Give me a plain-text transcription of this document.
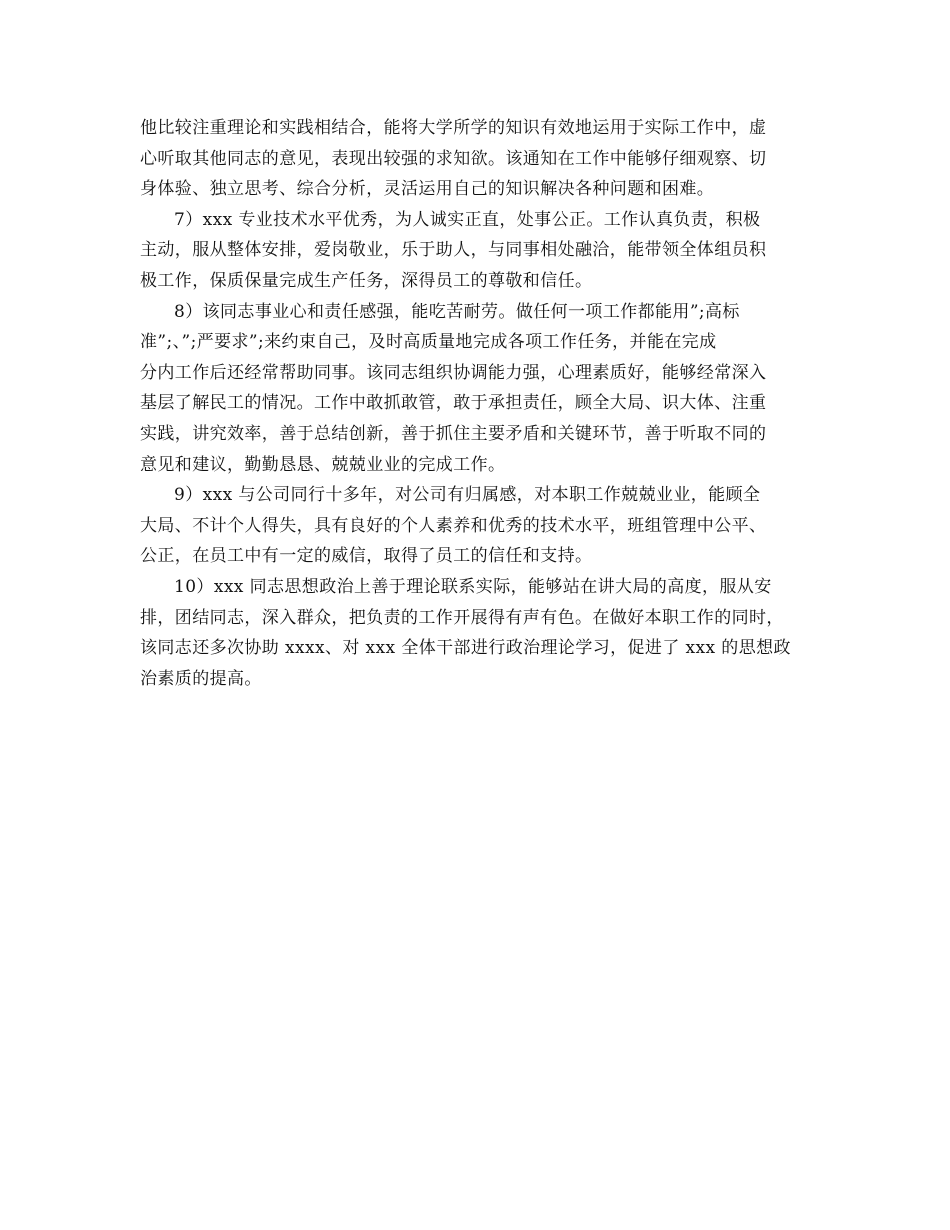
他比较注重理论和实践相结合，能将大学所学的知识有效地运用于实际工作中，虚
心听取其他同志的意见，表现出较强的求知欲。该通知在工作中能够仔细观察、切
身体验、独立思考、综合分析，灵活运用自己的知识解决各种问题和困难。
7）xxx 专业技术水平优秀，为人诚实正直，处事公正。工作认真负责，积极
主动，服从整体安排，爱岗敬业，乐于助人，与同事相处融洽，能带领全体组员积
极工作，保质保量完成生产任务，深得员工的尊敬和信任。
8）该同志事业心和责任感强，能吃苦耐劳。做任何一项工作都能用”;高标
准”;、”;严要求”;来约束自己，及时高质量地完成各项工作任务，并能在完成
分内工作后还经常帮助同事。该同志组织协调能力强，心理素质好，能够经常深入
基层了解民工的情况。工作中敢抓敢管，敢于承担责任，顾全大局、识大体、注重
实践，讲究效率，善于总结创新，善于抓住主要矛盾和关键环节，善于听取不同的
意见和建议，勤勤恳恳、兢兢业业的完成工作。
9）xxx 与公司同行十多年，对公司有归属感，对本职工作兢兢业业，能顾全
大局、不计个人得失，具有良好的个人素养和优秀的技术水平，班组管理中公平、
公正，在员工中有一定的威信，取得了员工的信任和支持。
10）xxx 同志思想政治上善于理论联系实际，能够站在讲大局的高度，服从安
排，团结同志，深入群众，把负责的工作开展得有声有色。在做好本职工作的同时，
该同志还多次协助 xxxx、对 xxx 全体干部进行政治理论学习，促进了 xxx 的思想政
治素质的提高。
